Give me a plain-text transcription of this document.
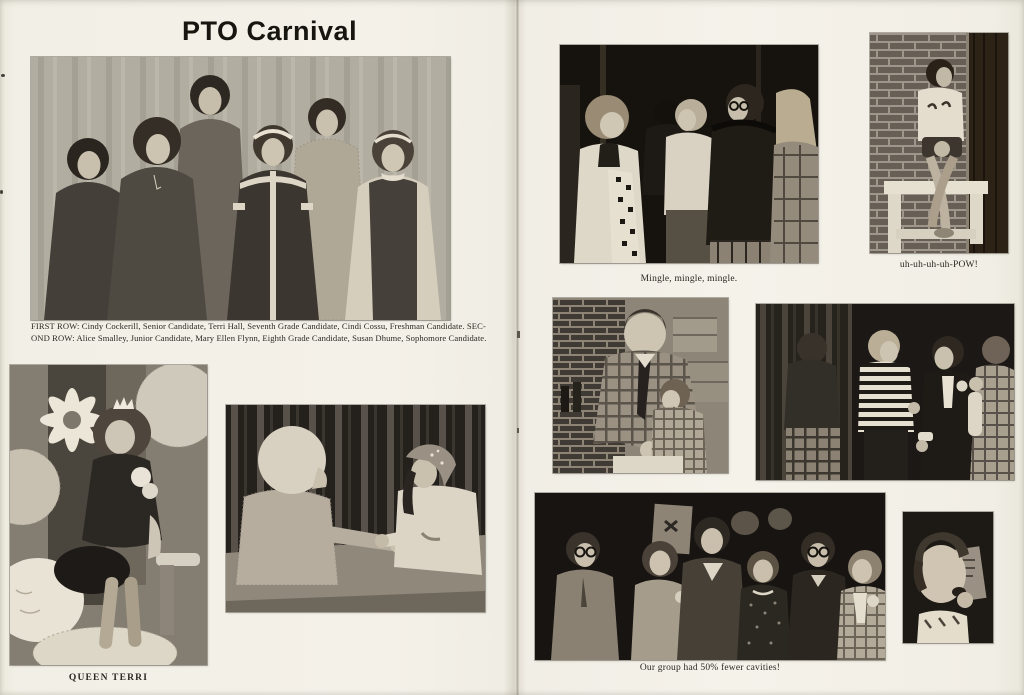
PTO Carnival
FIRST ROW: Cindy Cockerill, Senior Candidate, Terri Hall, Seventh Grade Candidate, Cindi Cossu, Freshman Candidate. SEC-
OND ROW: Alice Smalley, Junior Candidate, Mary Ellen Flynn, Eighth Grade Candidate, Susan Dhume, Sophomore Candidate.
QUEEN TERRI
Mingle, mingle, mingle.
uh-uh-uh-uh-POW!
Our group had 50% fewer cavities!
